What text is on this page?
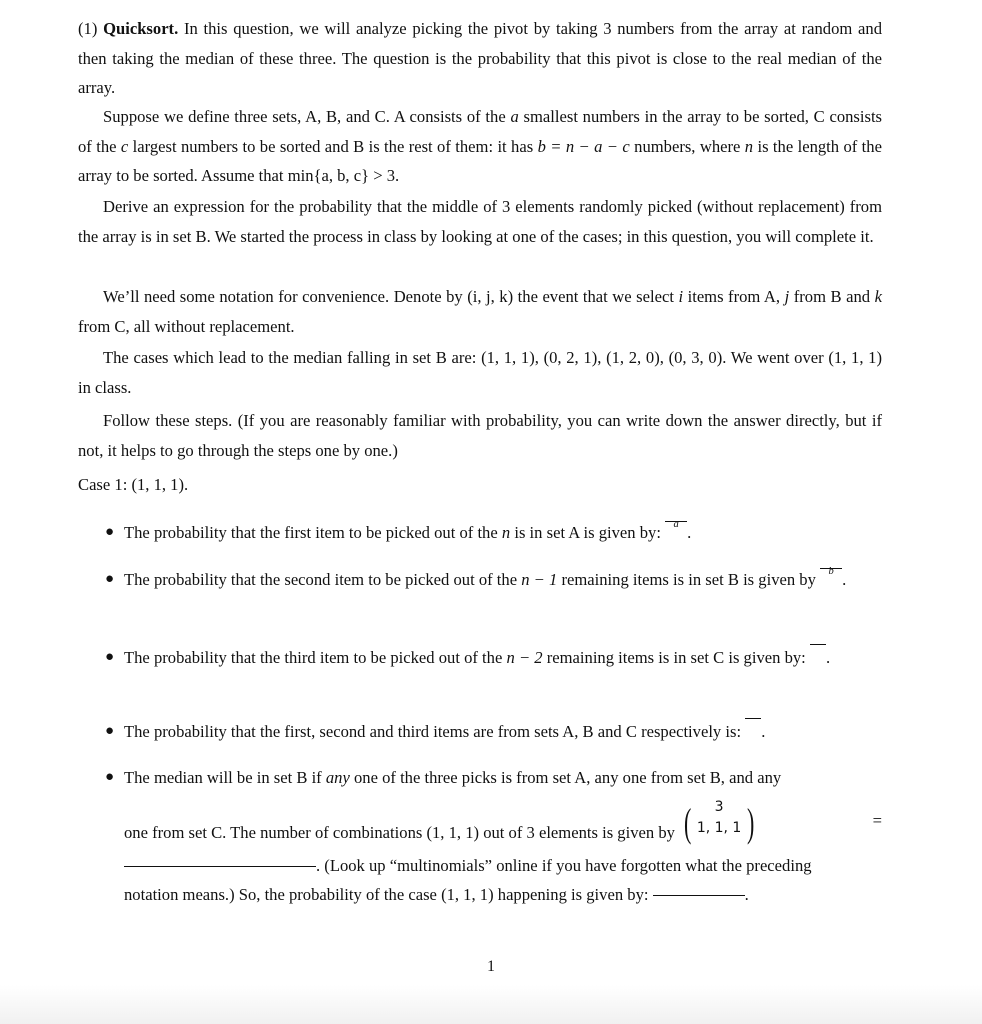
(1) Quicksort. In this question, we will analyze picking the pivot by taking 3 numbers from the array at random and then taking the median of these three. The question is the probability that this pivot is close to the real median of the array.

Suppose we define three sets, A, B, and C. A consists of the a smallest numbers in the array to be sorted, C consists of the c largest numbers to be sorted and B is the rest of them: it has b = n − a − c numbers, where n is the length of the array to be sorted. Assume that min{a, b, c} > 3.

Derive an expression for the probability that the middle of 3 elements randomly picked (without replacement) from the array is in set B. We started the process in class by looking at one of the cases; in this question, you will complete it.

We’ll need some notation for convenience. Denote by (i, j, k) the event that we select i items from A, j from B and k from C, all without replacement.

The cases which lead to the median falling in set B are: (1, 1, 1), (0, 2, 1), (1, 2, 0), (0, 3, 0). We went over (1, 1, 1) in class.

Follow these steps. (If you are reasonably familiar with probability, you can write down the answer directly, but if not, it helps to go through the steps one by one.)

Case 1: (1, 1, 1).

● The probability that the first item to be picked out of the n is in set A is given by:	a .

● The probability that the second item to be picked out of the n − 1 remaining items is in set B is given by	b .

● The probability that the third item to be picked out of the n − 2 remaining items is in set C is given by: .

● The probability that the first, second and third items are from sets A, B and C respectively is: .

● The median will be in set B if any one of the three picks is from set A, any one from set B, and any
one from set C. The number of combinations (1, 1, 1) out of 3 elements is given by (	3
1, 1, 1 )	=
. (Look up “multinomials” online if you have forgotten what the preceding
notation means.) So, the probability of the case (1, 1, 1) happening is given by:	.
1
